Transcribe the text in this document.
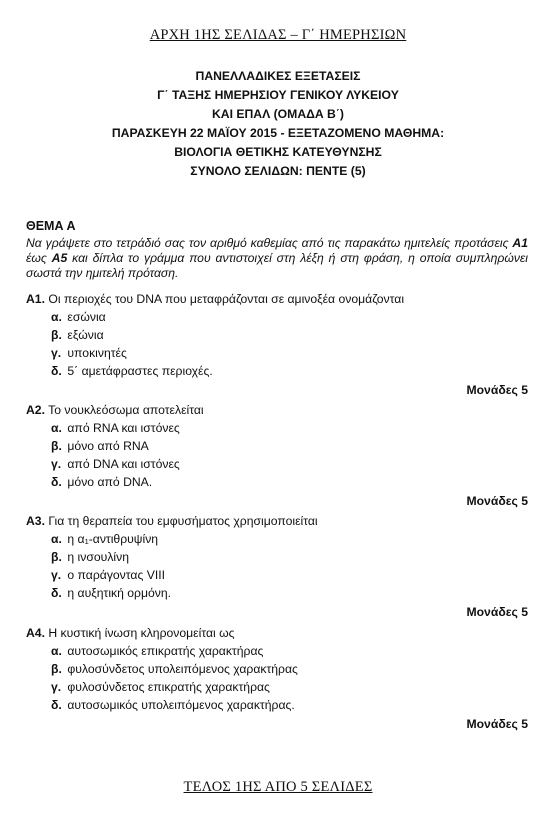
ΑΡΧΗ 1ΗΣ ΣΕΛΙΔΑΣ – Γ΄ ΗΜΕΡΗΣΙΩΝ
ΠΑΝΕΛΛΑΔΙΚΕΣ ΕΞΕΤΑΣΕΙΣ
Γ΄ ΤΑΞΗΣ ΗΜΕΡΗΣΙΟΥ ΓΕΝΙΚΟΥ ΛΥΚΕΙΟΥ
ΚΑΙ ΕΠΑΛ (ΟΜΑΔΑ Β΄)
ΠΑΡΑΣΚΕΥΗ 22 ΜΑΪΟΥ 2015 - ΕΞΕΤΑΖΟΜΕΝΟ ΜΑΘΗΜΑ:
ΒΙΟΛΟΓΙΑ ΘΕΤΙΚΗΣ ΚΑΤΕΥΘΥΝΣΗΣ
ΣΥΝΟΛΟ ΣΕΛΙΔΩΝ: ΠΕΝΤΕ (5)
ΘΕΜΑ Α
Να γράψετε στο τετράδιό σας τον αριθμό καθεμίας από τις παρακάτω ημιτελείς προτάσεις Α1 έως Α5 και δίπλα το γράμμα που αντιστοιχεί στη λέξη ή στη φράση, η οποία συμπληρώνει σωστά την ημιτελή πρόταση.
Α1. Οι περιοχές του DNA που μεταφράζονται σε αμινοξέα ονομάζονται
α. εσώνια
β. εξώνια
γ. υποκινητές
δ. 5΄ αμετάφραστες περιοχές.
Μονάδες 5
Α2. Το νουκλεόσωμα αποτελείται
α. από RNA και ιστόνες
β. μόνο από RNA
γ. από DNA και ιστόνες
δ. μόνο από DNA.
Μονάδες 5
Α3. Για τη θεραπεία του εμφυσήματος χρησιμοποιείται
α. η α₁-αντιθρυψίνη
β. η ινσουλίνη
γ. ο παράγοντας VIII
δ. η αυξητική ορμόνη.
Μονάδες 5
Α4. Η κυστική ίνωση κληρονομείται ως
α. αυτοσωμικός επικρατής χαρακτήρας
β. φυλοσύνδετος υπολειπόμενος χαρακτήρας
γ. φυλοσύνδετος επικρατής χαρακτήρας
δ. αυτοσωμικός υπολειπόμενος χαρακτήρας.
Μονάδες 5
ΤΕΛΟΣ 1ΗΣ ΑΠΟ 5 ΣΕΛΙΔΕΣ
